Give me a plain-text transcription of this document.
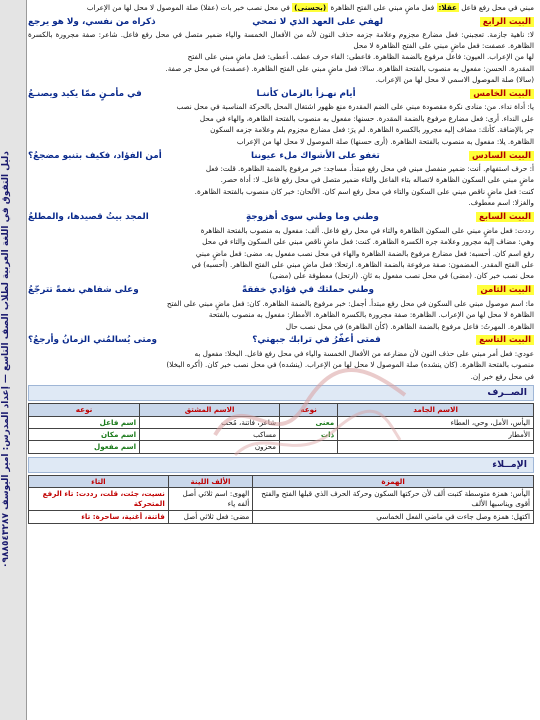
دليل التفوق في اللغة العربية لطلاب الصف التاسع — إعداد المدرس: أمير اليوسف ٠٩٨٨٥٤٣٢٨٧

مبني في محل رفع فاعل عقلا: فعل ماضٍ مبني على الفتح الظاهرة (بحسنى) في محل نصب خبر بات (عقلا) صلة الموصول لا محل لها من الإعراب

البيت الرابع
لهفي على العهد الذي لا تمحي
ذكراه من نفسي، ولا هو يرجع

لا: ناهية جازمة. تعجبني: فعل مضارع مجزوم وعلامة جزمه حذف النون لأنه من الأفعال الخمسة والياء ضمير متصل في محل رفع فاعل. شاعر: صفة مجرورة بالكسرة الظاهرة. عصفت: فعل ماضٍ مبني على الفتح الظاهرة لا محل

لها من الإعراب. العيون: فاعل مرفوع بالضمة الظاهرة. فاعطى: الفاء حرف عطف. أعطى: فعل ماضٍ مبني على الفتح

المقدرة. الحسن: مفعول به منصوب بالفتحة الظاهرة. سالا: فعل ماضٍ مبني على الفتح الظاهرة. (عصفت) في محل جر صفة.

(سالا) صلة الموصول الاسمي لا محل لها من الإعراب.

البيت الخامس
أيام نهـزأ بالزمان كأننـا
في مأمـنٍ ممّا يكيد ويصنـعُ

يا: أداة نداء. من: منادى نكرة مقصودة مبني على الضم المقدرة منع ظهور اشتغال المحل بالحركة المناسبة في محل نصب

على النداء. أرى: فعل مضارع مرفوع بالضمة المقدرة. حسنها: مفعول به منصوب بالفتحة الظاهرة، والهاء في محل

جر بالإضافة. كأنك: مضاف إليه مجرور بالكسرة الظاهرة. لم يرَ: فعل مضارع مجزوم بلم وعلامة جزمه السكون

الظاهرة. يلا: مفعول به منصوب بالفتحة الظاهرة. (أرى حسنها) صلة الموصول لا محل لها من الإعراب

البيت السادس
تغفو على الأشواك ملء عيوننا
أمن الفؤاد، فكيف بتنبو مضجعُ؟

أ: حرف استفهام. أنت: ضمير منفصل مبني في محل رفع مبتدأ. مساجد: خبر مرفوع بالضمة الظاهرة. قلت: فعل

ماضٍ مبني على السكون الظاهرة لاتصاله بتاء الفاعل والتاء ضمير متصل في محل رفع فاعل. لا: أداة حصر.

كنت: فعل ماضٍ ناقص مبني على السكون والتاء في محل رفع اسم كان. الألحان: خبر كان منصوب بالفتحة الظاهرة.

والغزلا: اسم معطوف.

البيت السابع
وطني وما وطني سوى أهزوجةٍ
المجد بيتُ قصيدها، والمطلعُ

رددت: فعل ماضٍ مبني على السكون الظاهرة والتاء في محل رفع فاعل. ألف: مفعول به منصوب بالفتحة الظاهرة

وهي: مضاف إليه مجرور وعلامة جره الكسرة الظاهرة. كنت: فعل ماضٍ ناقص مبني على السكون والتاء في محل

رفع اسم كان. أحسبه: فعل مضارع مرفوع بالضمة الظاهرة والهاء في محل نصب مفعول به. مضى: فعل ماضٍ مبني

على الفتح المقدر. المضمون: صفة مرفوعة بالضمة الظاهرة. ارتحلا: فعل ماضٍ مبني على الفتح الظاهر. (أحسبه) في

محل نصب خبر كان. (مضى) في محل نصب مفعول به ثانٍ. (ارتحل) معطوفة على (مضى)

البيت الثامن
وطني حملتك في فؤادي خفقةً
وعلى شفاهي نغمةً تترجّعُ

ما: اسم موصول مبني على السكون في محل رفع مبتدأ. أجمل: خبر مرفوع بالضمة الظاهرة. كان: فعل ماضٍ مبني على الفتح

الظاهرة لا محل لها من الإعراب. الظاهرة: صفة مجرورة بالكسرة الظاهرة. الأمطار: مفعول به منصوب بالفتحة

الظاهرة. المهرتُ: فاعل مرفوع بالضمة الظاهرة. (كأن الظاهرة) في محل نصب حال

البيت التاسع
فمتى أعفّرُ في ترابك جبهتي؟
ومتى يُسالمُني الزمانُ وأرجعُ؟

عودي: فعل أمر مبني على حذف النون لأن مضارعه من الأفعال الخمسة والياء في محل رفع فاعل. البخلا: مفعول به

منصوب بالفتحة الظاهرة. (كان ينشده) صلة الموصول لا محل لها من الإعراب. (ينشده) في محل نصب خبر كان. (أكره البخلا)

في محل رفع خبر إن.

الصــرف
الاسم الجامد	نوعه	الاسم المشتق	نوعه
اليأس، الأمل، وحي، العطاء	معنى	شاعر، فاتنة، مُحب	اسم فاعل
الأمطار	ذات	مساكب	اسم مكان
		محزون	اسم مفعول
الإمــلاء
الهمزة	الألف اللينة	التاء
اليأس: همزة متوسطة كتبت ألف لأن حركتها السكون وحركة الحرف الذي قبلها الفتح والفتح أقوى ويناسبها الألف	الهوى: اسم ثلاثي أصل ألفه ياء	نسيت، جئت، قلت، رددت: تاء الرفع المتحركة
اكتهل: همزة وصل جاءت في ماضي الفعل الخماسي	مضى: فعل ثلاثي أصل	فاتنة، أغنية، ساحرة: تاء
